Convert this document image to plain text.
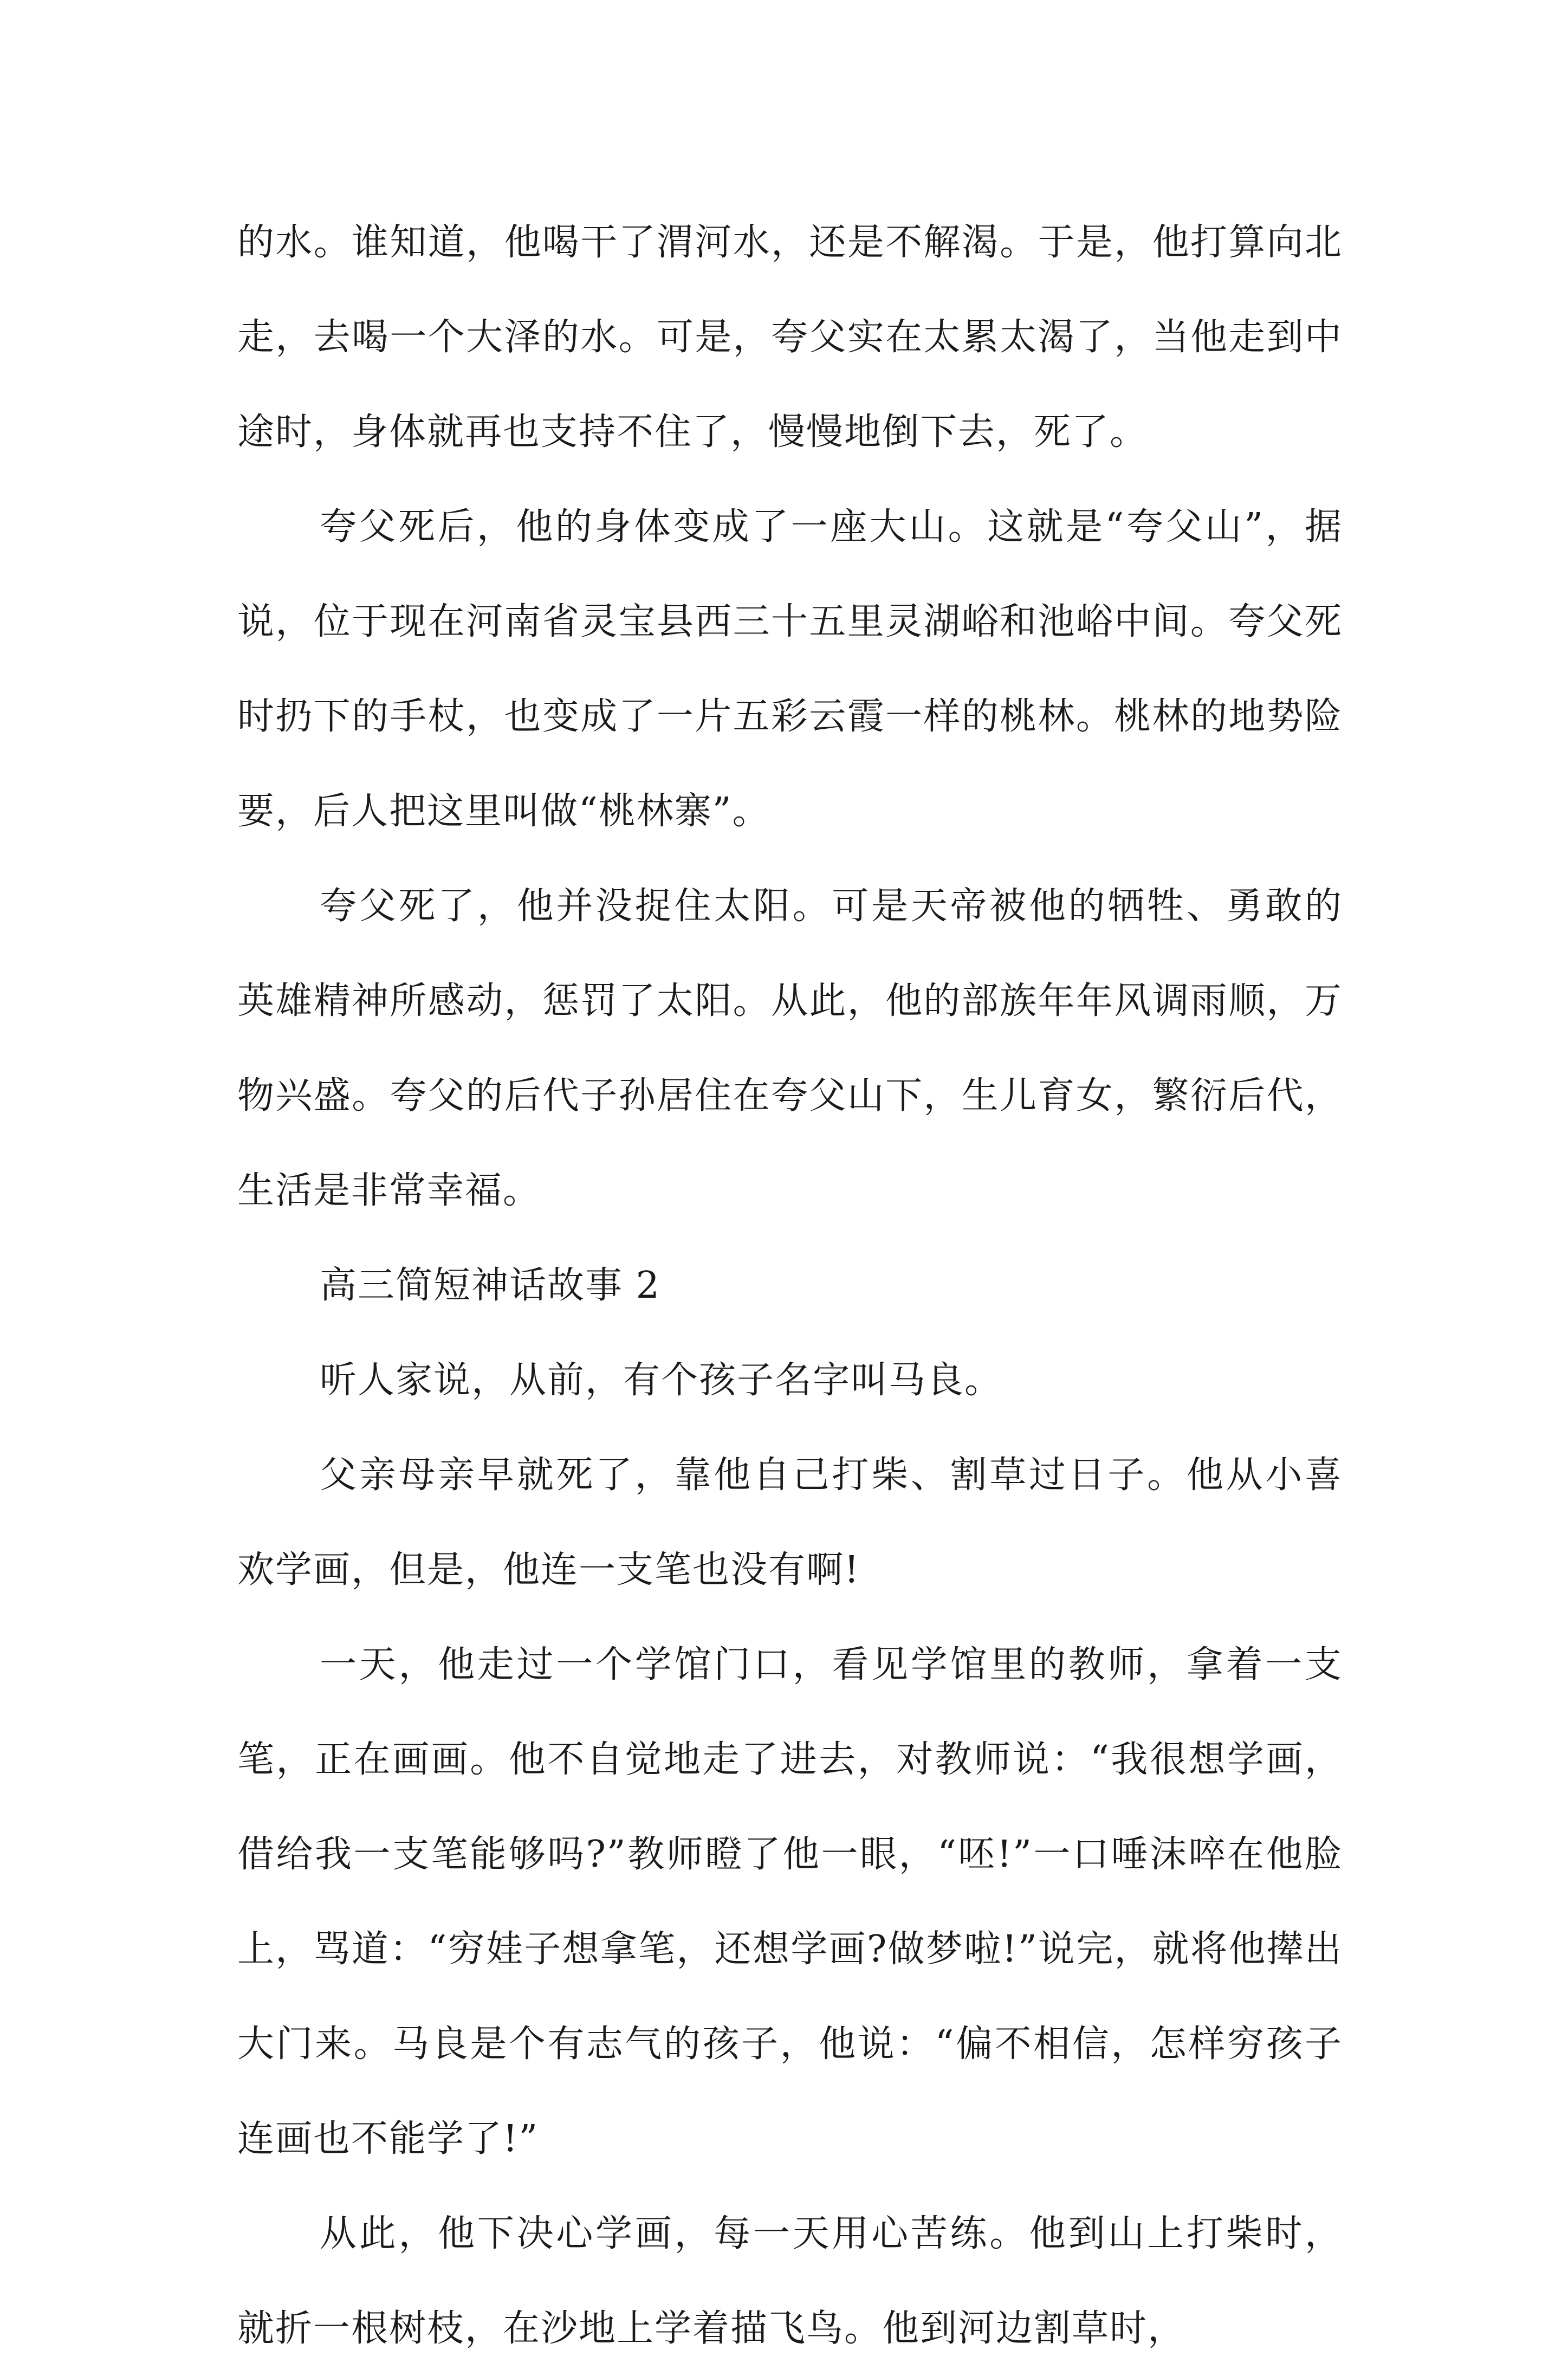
的水。谁知道，他喝干了渭河水，还是不解渴。于是，他打算向北走，去喝一个大泽的水。可是，夸父实在太累太渴了，当他走到中途时，身体就再也支持不住了，慢慢地倒下去，死了。

夸父死后，他的身体变成了一座大山。这就是“夸父山”，据说，位于现在河南省灵宝县西三十五里灵湖峪和池峪中间。夸父死时扔下的手杖，也变成了一片五彩云霞一样的桃林。桃林的地势险要，后人把这里叫做“桃林寨”。

夸父死了，他并没捉住太阳。可是天帝被他的牺牲、勇敢的英雄精神所感动，惩罚了太阳。从此，他的部族年年风调雨顺，万物兴盛。夸父的后代子孙居住在夸父山下，生儿育女，繁衍后代，生活是非常幸福。

高三简短神话故事 2

听人家说，从前，有个孩子名字叫马良。

父亲母亲早就死了，靠他自己打柴、割草过日子。他从小喜欢学画，但是，他连一支笔也没有啊!

一天，他走过一个学馆门口，看见学馆里的教师，拿着一支笔，正在画画。他不自觉地走了进去，对教师说：“我很想学画，借给我一支笔能够吗?”教师瞪了他一眼，“呸!”一口唾沫啐在他脸上，骂道：“穷娃子想拿笔，还想学画?做梦啦!”说完，就将他撵出大门来。马良是个有志气的孩子，他说：“偏不相信，怎样穷孩子连画也不能学了!”

从此，他下决心学画，每一天用心苦练。他到山上打柴时，就折一根树枝，在沙地上学着描飞鸟。他到河边割草时，
